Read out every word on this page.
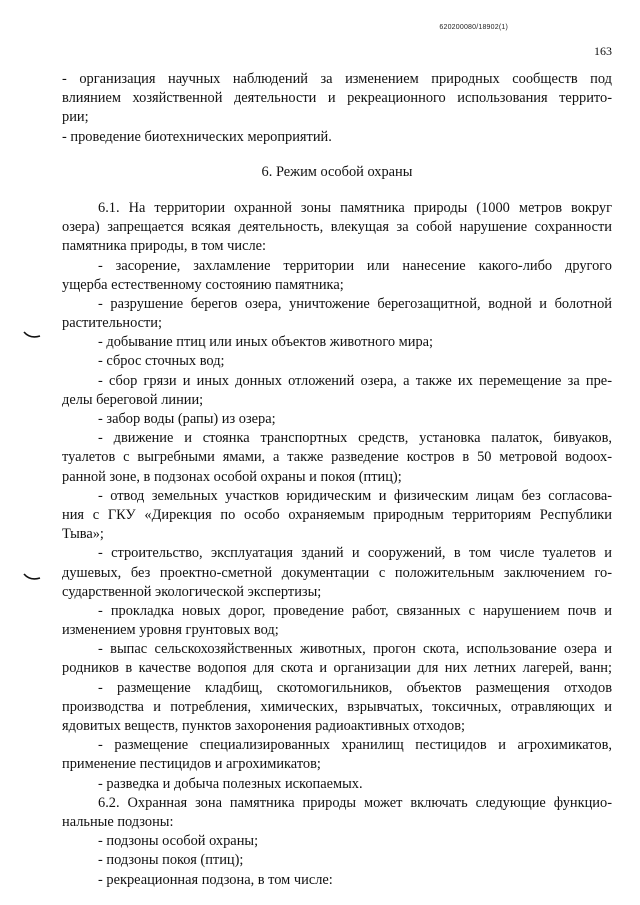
620200080/18902(1)
163
- организация научных наблюдений за изменением природных сообществ под
влиянием хозяйственной деятельности и рекреационного использования террито-
рии;
- проведение биотехнических мероприятий.
6. Режим особой охраны
6.1. На территории охранной зоны памятника природы (1000 метров вокруг
озера) запрещается всякая деятельность, влекущая за собой нарушение сохранности
памятника природы, в том числе:
- засорение, захламление территории или нанесение какого-либо другого
ущерба естественному состоянию памятника;
- разрушение берегов озера, уничтожение берегозащитной, водной и болотной
растительности;
- добывание птиц или иных объектов животного мира;
- сброс сточных вод;
- сбор грязи и иных донных отложений озера, а также их перемещение за пре-
делы береговой линии;
- забор воды (рапы) из озера;
- движение и стоянка транспортных средств, установка палаток, бивуаков,
туалетов с выгребными ямами, а также разведение костров в 50 метровой водоох-
ранной зоне, в подзонах особой охраны и покоя (птиц);
- отвод земельных участков юридическим и физическим лицам без согласова-
ния с ГКУ «Дирекция по особо охраняемым природным территориям Республики
Тыва»;
- строительство, эксплуатация зданий и сооружений, в том числе туалетов и
душевых, без проектно-сметной документации с положительным заключением го-
сударственной экологической экспертизы;
- прокладка новых дорог, проведение работ, связанных с нарушением почв и
изменением уровня грунтовых вод;
- выпас сельскохозяйственных животных, прогон скота, использование озера и
родников в качестве водопоя для скота и организации для них летних лагерей, ванн;
- размещение кладбищ, скотомогильников, объектов размещения отходов
производства и потребления, химических, взрывчатых, токсичных, отравляющих и
ядовитых веществ, пунктов захоронения радиоактивных отходов;
- размещение специализированных хранилищ пестицидов и агрохимикатов,
применение пестицидов и агрохимикатов;
- разведка и добыча полезных ископаемых.
6.2. Охранная зона памятника природы может включать следующие функцио-
нальные подзоны:
- подзоны особой охраны;
- подзоны покоя (птиц);
- рекреационная подзона, в том числе:
